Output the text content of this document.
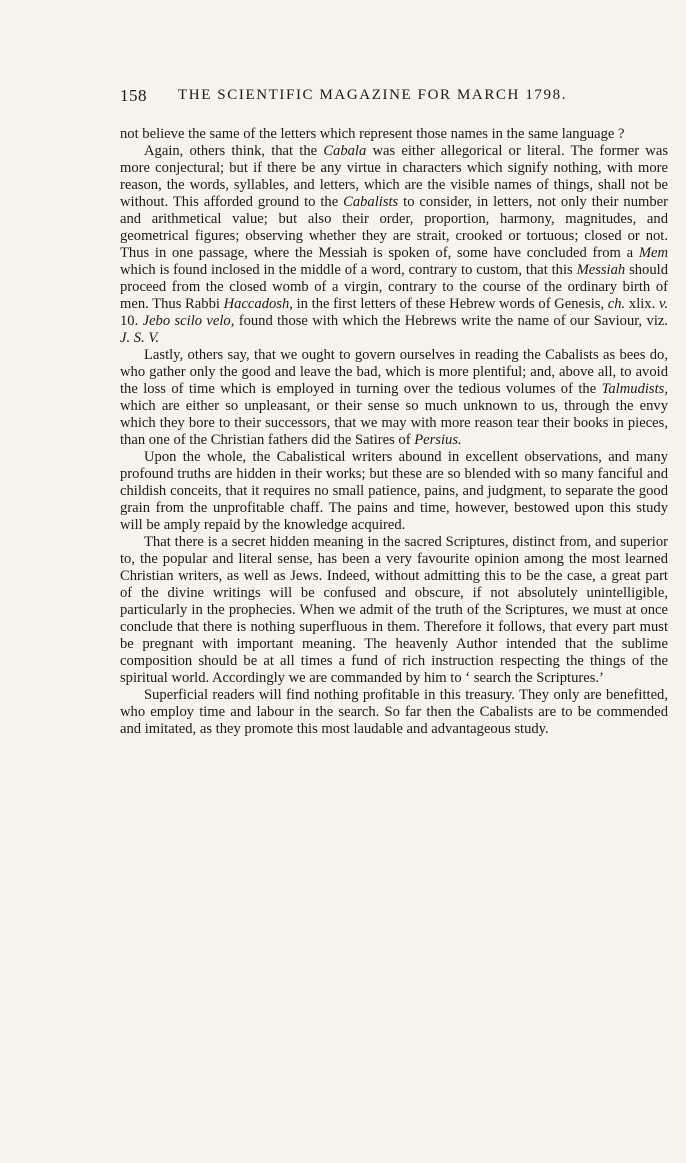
158 THE SCIENTIFIC MAGAZINE FOR MARCH 1798.

not believe the same of the letters which represent those names in the same language ?

Again, others think, that the Cabala was either allegorical or literal. The former was more conjectural; but if there be any virtue in characters which signify nothing, with more reason, the words, syllables, and letters, which are the visible names of things, shall not be without. This afforded ground to the Cabalists to consider, in letters, not only their number and arithmetical value; but also their order, proportion, harmony, magnitudes, and geometrical figures; observing whether they are strait, crooked or tortuous; closed or not. Thus in one passage, where the Messiah is spoken of, some have concluded from a Mem which is found inclosed in the middle of a word, contrary to custom, that this Messiah should proceed from the closed womb of a virgin, contrary to the course of the ordinary birth of men. Thus Rabbi Haccadosh, in the first letters of these Hebrew words of Genesis, ch. xlix. v. 10. Jebo scilo velo, found those with which the Hebrews write the name of our Saviour, viz. J. S. V.

Lastly, others say, that we ought to govern ourselves in reading the Cabalists as bees do, who gather only the good and leave the bad, which is more plentiful; and, above all, to avoid the loss of time which is employed in turning over the tedious volumes of the Talmudists, which are either so unpleasant, or their sense so much unknown to us, through the envy which they bore to their successors, that we may with more reason tear their books in pieces, than one of the Christian fathers did the Satires of Persius.

Upon the whole, the Cabalistical writers abound in excellent observations, and many profound truths are hidden in their works; but these are so blended with so many fanciful and childish conceits, that it requires no small patience, pains, and judgment, to separate the good grain from the unprofitable chaff. The pains and time, however, bestowed upon this study will be amply repaid by the knowledge acquired.

That there is a secret hidden meaning in the sacred Scriptures, distinct from, and superior to, the popular and literal sense, has been a very favourite opinion among the most learned Christian writers, as well as Jews. Indeed, without admitting this to be the case, a great part of the divine writings will be confused and obscure, if not absolutely unintelligible, particularly in the prophecies. When we admit of the truth of the Scriptures, we must at once conclude that there is nothing superfluous in them. Therefore it follows, that every part must be pregnant with important meaning. The heavenly Author intended that the sublime composition should be at all times a fund of rich instruction respecting the things of the spiritual world. Accordingly we are commanded by him to ‘ search the Scriptures.’

Superficial readers will find nothing profitable in this treasury. They only are benefitted, who employ time and labour in the search. So far then the Cabalists are to be commended and imitated, as they promote this most laudable and advantageous study.
